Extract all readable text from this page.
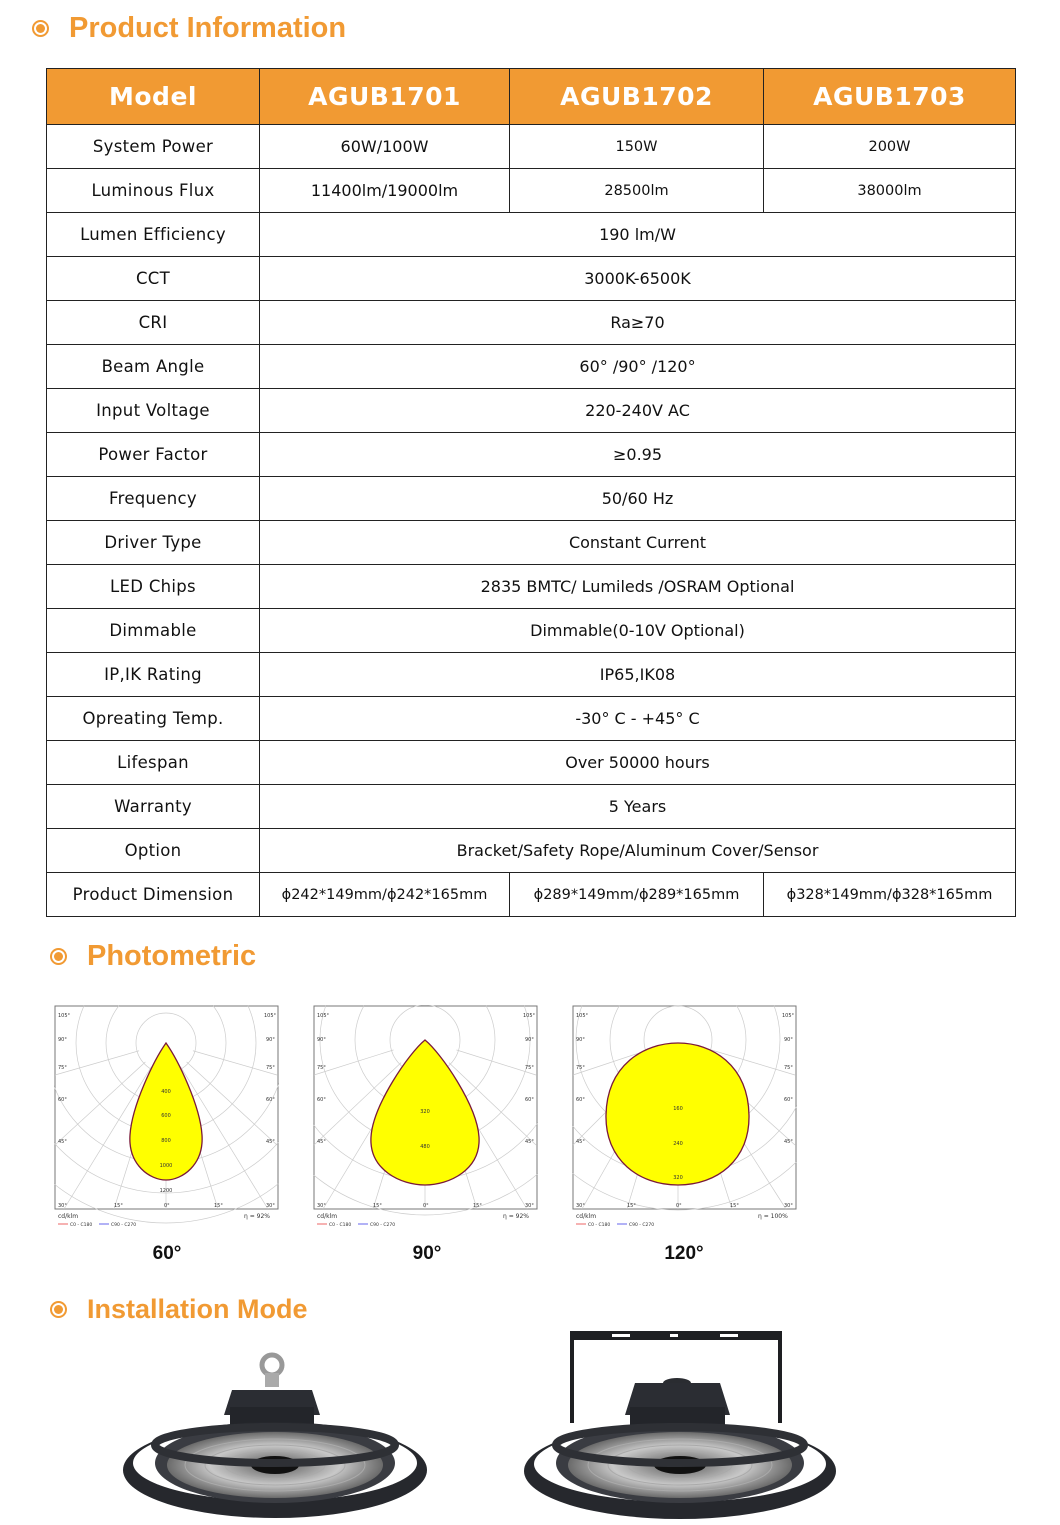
Product Information
Model	AGUB1701	AGUB1702	AGUB1703
System Power	60W/100W	150W	200W
Luminous Flux	11400lm/19000lm	28500lm	38000lm
Lumen Efficiency	190 lm/W		
CCT	3000K-6500K		
CRI	Ra≥70		
Beam Angle	60° /90° /120°		
Input Voltage	220-240V AC		
Power Factor	≥0.95		
Frequency	50/60 Hz		
Driver Type	Constant Current		
LED Chips	2835 BMTC/ Lumileds /OSRAM Optional		
Dimmable	Dimmable(0-10V Optional)		
IP,IK Rating	IP65,IK08		
Opreating Temp.	-30° C - +45° C		
Lifespan	Over 50000 hours		
Warranty	5 Years		
Option	Bracket/Safety Rope/Aluminum Cover/Sensor		
Product Dimension	ϕ242*149mm/ϕ242*165mm	ϕ289*149mm/ϕ289*165mm	ϕ328*149mm/ϕ328*165mm
Photometric
400
600
800
1000
1200
105°	105°
90°	90°
75°	75°
60°	60°
45°	45°
30°	15°	0°	15°	30°
cd/klm	η = 92%
C0 - C180	C90 - C270
320
480
105°	105°
90°	90°
75°	75°
60°	60°
45°	45°
30°	15°	0°	15°	30°
cd/klm	η = 92%
C0 - C180	C90 - C270
160
240
320
105°	105°
90°	90°
75°	75°
60°	60°
45°	45°
30°	15°	0°	15°	30°
cd/klm	η = 100%
C0 - C180	C90 - C270
60°	90°	120°
Installation Mode
